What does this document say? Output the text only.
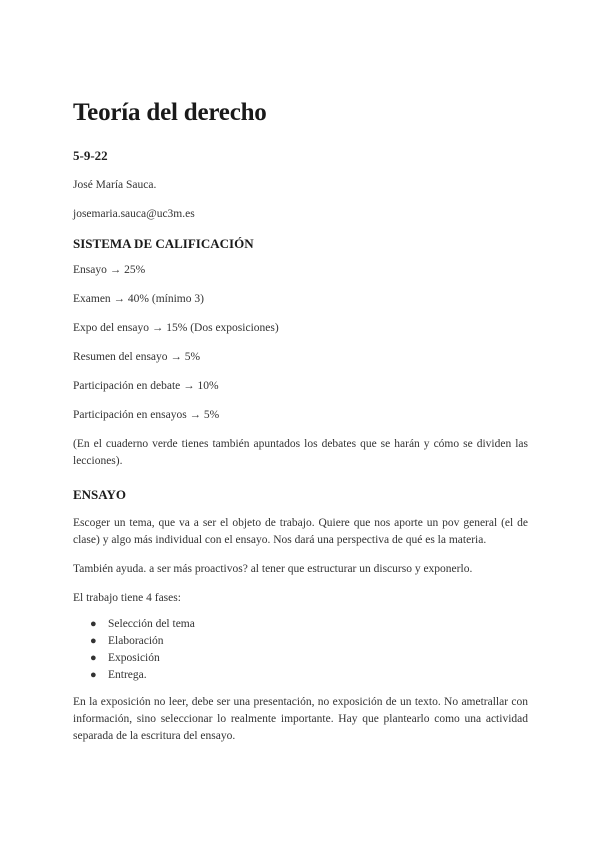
Teoría del derecho
5-9-22

José María Sauca.

josemaria.sauca@uc3m.es

SISTEMA DE CALIFICACIÓN

Ensayo → 25%

Examen → 40% (mínimo 3)

Expo del ensayo → 15% (Dos exposiciones)

Resumen del ensayo → 5%

Participación en debate → 10%

Participación en ensayos → 5%

(En el cuaderno verde tienes también apuntados los debates que se harán y cómo se dividen las lecciones).

ENSAYO

Escoger un tema, que va a ser el objeto de trabajo. Quiere que nos aporte un pov general (el de clase) y algo más individual con el ensayo. Nos dará una perspectiva de qué es la materia.

También ayuda. a ser más proactivos? al tener que estructurar un discurso y exponerlo.

El trabajo tiene 4 fases:

● Selección del tema
● Elaboración
● Exposición
● Entrega.

En la exposición no leer, debe ser una presentación, no exposición de un texto. No ametrallar con información, sino seleccionar lo realmente importante. Hay que plantearlo como una actividad separada de la escritura del ensayo.
